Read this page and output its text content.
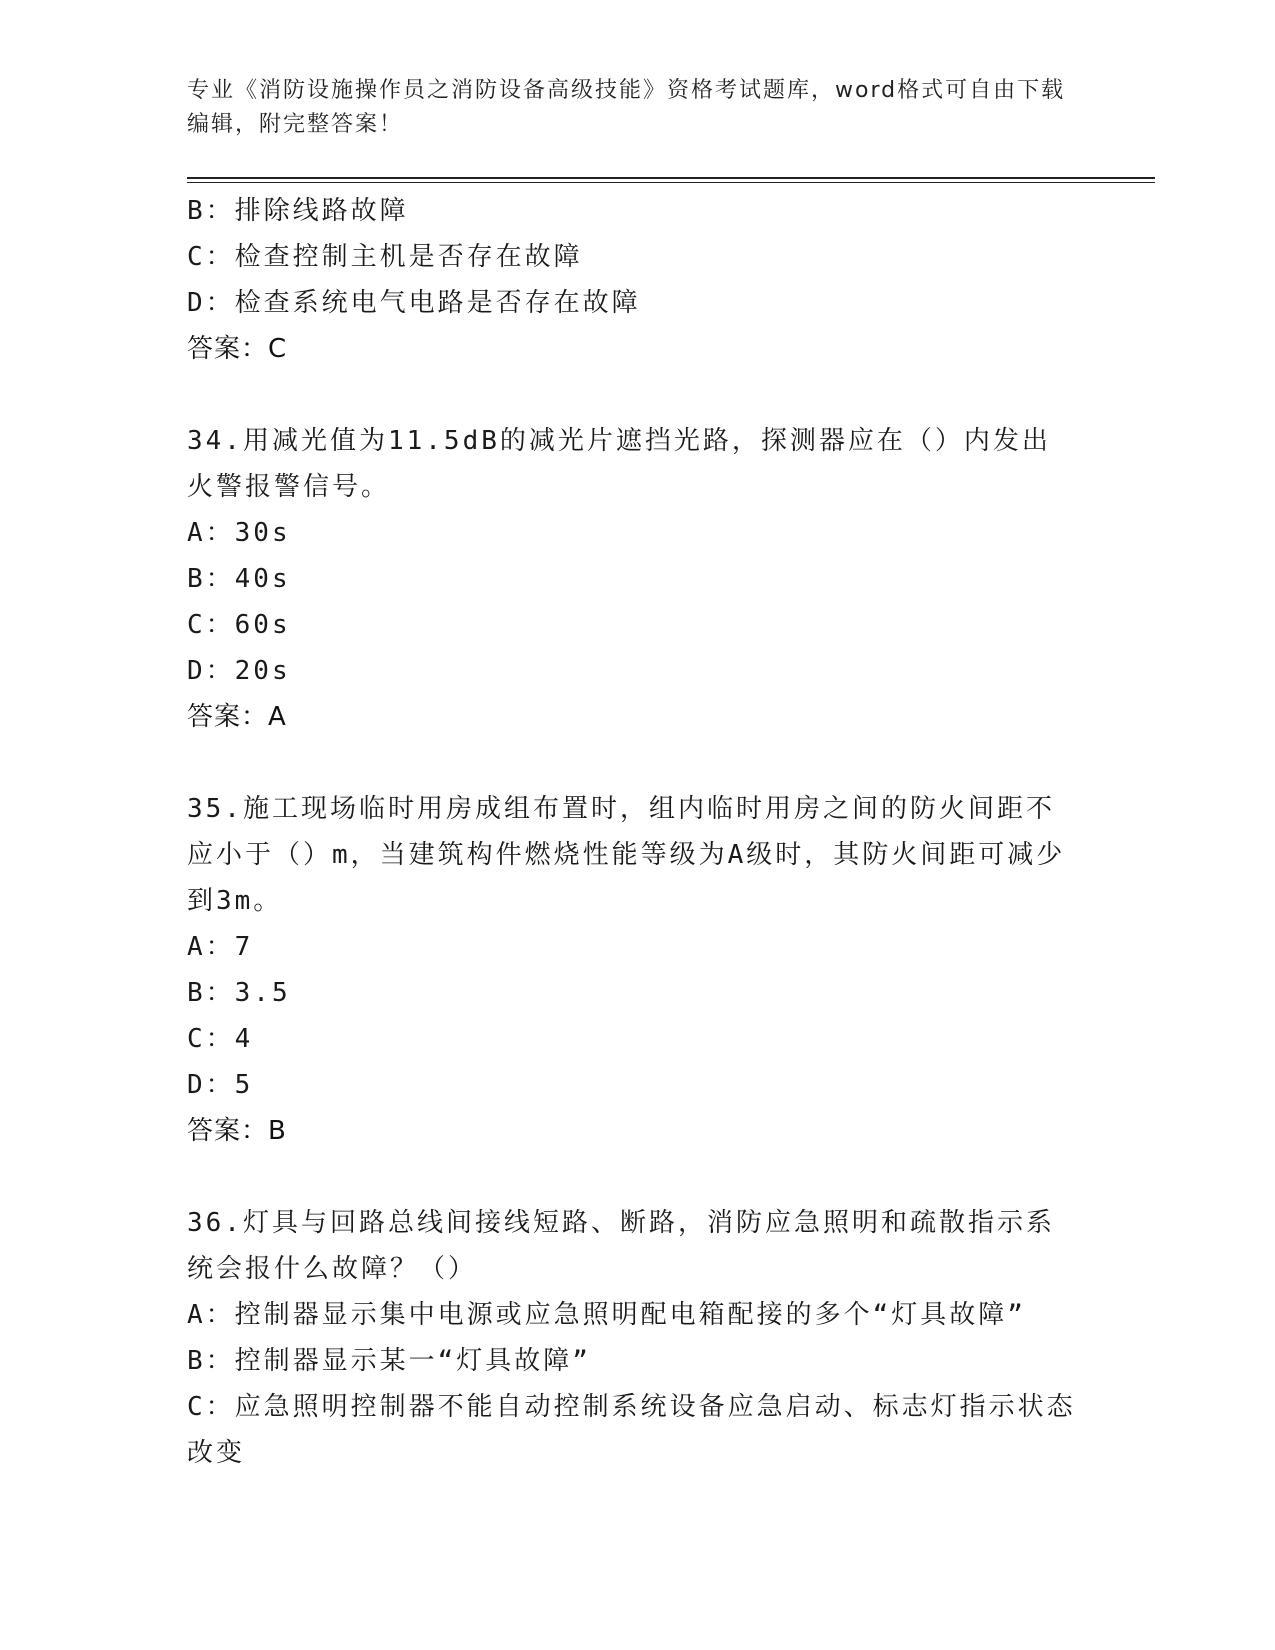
专业《消防设施操作员之消防设备高级技能》资格考试题库，word格式可自由下载编辑，附完整答案！
B：排除线路故障
C：检查控制主机是否存在故障
D：检查系统电气电路是否存在故障
答案：C
34.用减光值为11.5dB的减光片遮挡光路，探测器应在（）内发出火警报警信号。
A：30s
B：40s
C：60s
D：20s
答案：A
35.施工现场临时用房成组布置时，组内临时用房之间的防火间距不应小于（）m，当建筑构件燃烧性能等级为A级时，其防火间距可减少到3m。
A：7
B：3.5
C：4
D：5
答案：B
36.灯具与回路总线间接线短路、断路，消防应急照明和疏散指示系统会报什么故障？（）
A：控制器显示集中电源或应急照明配电箱配接的多个“灯具故障”
B：控制器显示某一“灯具故障”
C：应急照明控制器不能自动控制系统设备应急启动、标志灯指示状态改变
